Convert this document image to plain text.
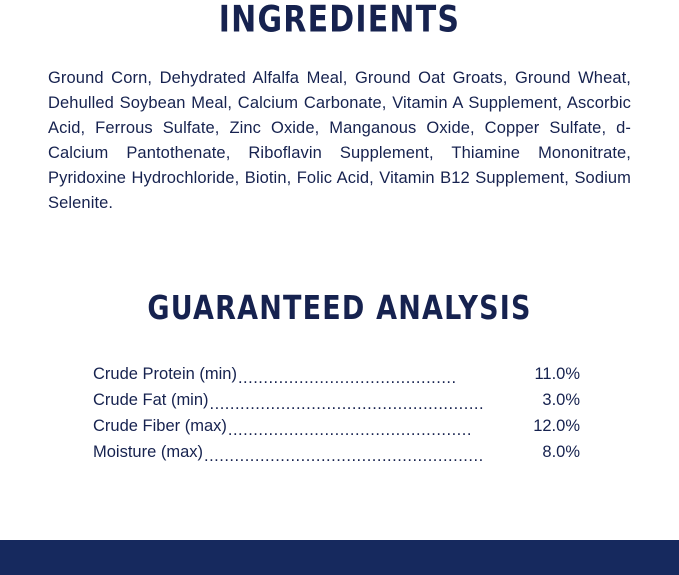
INGREDIENTS

Ground Corn, Dehydrated Alfalfa Meal, Ground Oat Groats, Ground Wheat, Dehulled Soybean Meal, Calcium Carbonate, Vitamin A Supplement, Ascorbic Acid, Ferrous Sulfate, Zinc Oxide, Manganous Oxide, Copper Sulfate, d-Calcium Pantothenate, Riboflavin Supplement, Thiamine Mononitrate, Pyridoxine Hydrochloride, Biotin, Folic Acid, Vitamin B12 Supplement, Sodium Selenite.

GUARANTEED ANALYSIS
Crude Protein (min) ...........................................	11.0%
Crude Fat (min) ......................................................	3.0%
Crude Fiber (max) ................................................	12.0%
Moisture (max) .......................................................	8.0%
